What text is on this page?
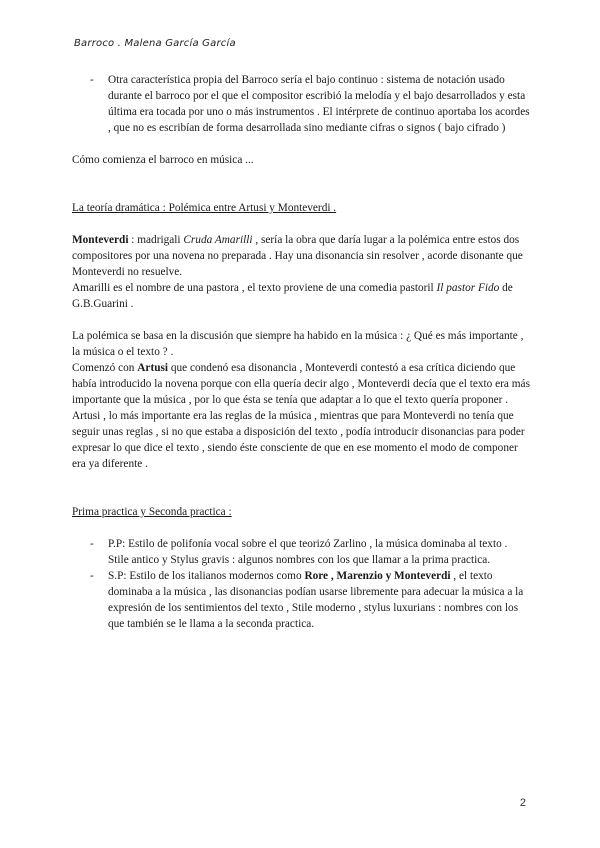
Barroco . Malena García García
- Otra característica propia del Barroco sería el bajo continuo : sistema de notación usado durante el barroco por el que el compositor escribió la melodía y el bajo desarrollados y esta última era tocada por uno o más instrumentos . El intérprete de continuo aportaba los acordes , que no es escribían de forma desarrollada sino mediante cifras o signos ( bajo cifrado )

Cómo comienza el barroco en música ...

La teoría dramática : Polémica entre Artusi y Monteverdi .

Monteverdi : madrigali Cruda Amarilli , sería la obra que daría lugar a la polémica entre estos dos compositores por una novena no preparada . Hay una disonancia sin resolver , acorde disonante que Monteverdi no resuelve.

Amarilli es el nombre de una pastora , el texto proviene de una comedia pastoril Il pastor Fido de G.B.Guarini .

La polémica se basa en la discusión que siempre ha habido en la música : ¿ Qué es más importante , la música o el texto ? .

Comenzó con Artusi que condenó esa disonancia , Monteverdi contestó a esa crítica diciendo que había introducido la novena porque con ella quería decir algo , Monteverdi decía que el texto era más importante que la música , por lo que ésta se tenía que adaptar a lo que el texto quería proponer .

Artusi , lo más importante era las reglas de la música , mientras que para Monteverdi no tenía que seguir unas reglas , si no que estaba a disposición del texto , podía introducir disonancias para poder expresar lo que dice el texto , siendo éste consciente de que en ese momento el modo de componer era ya diferente .

Prima practica y Seconda practica :

- P.P: Estilo de polifonía vocal sobre el que teorizó Zarlino , la música dominaba al texto .

Stile antico y Stylus gravis : algunos nombres con los que llamar a la prima practica.

- S.P: Estilo de los italianos modernos como Rore , Marenzio y Monteverdi , el texto dominaba a la música , las disonancias podían usarse libremente para adecuar la música a la expresión de los sentimientos del texto , Stile moderno , stylus luxurians : nombres con los que también se le llama a la seconda practica.

2
